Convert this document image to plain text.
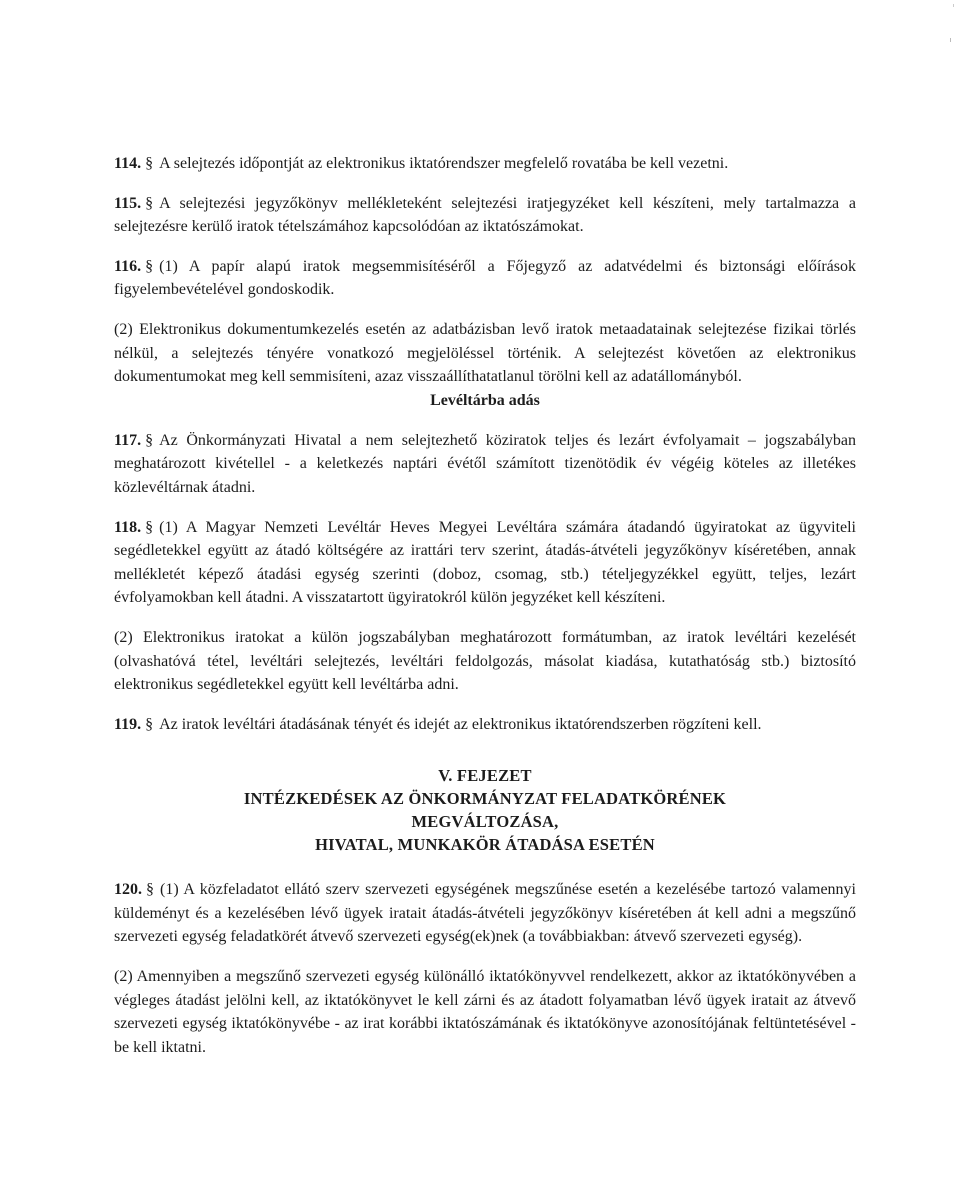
114. § A selejtezés időpontját az elektronikus iktatórendszer megfelelő rovatába be kell vezetni.

115. § A selejtezési jegyzőkönyv mellékleteként selejtezési iratjegyzéket kell készíteni, mely tartalmazza a selejtezésre kerülő iratok tételszámához kapcsolódóan az iktatószámokat.

116. § (1) A papír alapú iratok megsemmisítéséről a Főjegyző az adatvédelmi és biztonsági előírások figyelembevételével gondoskodik.

(2) Elektronikus dokumentumkezelés esetén az adatbázisban levő iratok metaadatainak selejtezése fizikai törlés nélkül, a selejtezés tényére vonatkozó megjelöléssel történik. A selejtezést követően az elektronikus dokumentumokat meg kell semmisíteni, azaz visszaállíthatatlanul törölni kell az adatállományból.

Levéltárba adás

117. § Az Önkormányzati Hivatal a nem selejtezhető köziratok teljes és lezárt évfolyamait – jogszabályban meghatározott kivétellel - a keletkezés naptári évétől számított tizenötödik év végéig köteles az illetékes közlevéltárnak átadni.

118. § (1) A Magyar Nemzeti Levéltár Heves Megyei Levéltára számára átadandó ügyiratokat az ügyviteli segédletekkel együtt az átadó költségére az irattári terv szerint, átadás-átvételi jegyzőkönyv kíséretében, annak mellékletét képező átadási egység szerinti (doboz, csomag, stb.) tételjegyzékkel együtt, teljes, lezárt évfolyamokban kell átadni. A visszatartott ügyiratokról külön jegyzéket kell készíteni.

(2) Elektronikus iratokat a külön jogszabályban meghatározott formátumban, az iratok levéltári kezelését (olvashatóvá tétel, levéltári selejtezés, levéltári feldolgozás, másolat kiadása, kutathatóság stb.) biztosító elektronikus segédletekkel együtt kell levéltárba adni.

119. § Az iratok levéltári átadásának tényét és idejét az elektronikus iktatórendszerben rögzíteni kell.

V. FEJEZET

INTÉZKEDÉSEK AZ ÖNKORMÁNYZAT FELADATKÖRÉNEK

MEGVÁLTOZÁSA,

HIVATAL, MUNKAKÖR ÁTADÁSA ESETÉN

120. § (1) A közfeladatot ellátó szerv szervezeti egységének megszűnése esetén a kezelésébe tartozó valamennyi küldeményt és a kezelésében lévő ügyek iratait átadás-átvételi jegyzőkönyv kíséretében át kell adni a megszűnő szervezeti egység feladatkörét átvevő szervezeti egység(ek)nek (a továbbiakban: átvevő szervezeti egység).

(2) Amennyiben a megszűnő szervezeti egység különálló iktatókönyvvel rendelkezett, akkor az iktatókönyvében a végleges átadást jelölni kell, az iktatókönyvet le kell zárni és az átadott folyamatban lévő ügyek iratait az átvevő szervezeti egység iktatókönyvébe - az irat korábbi iktatószámának és iktatókönyve azonosítójának feltüntetésével - be kell iktatni.
